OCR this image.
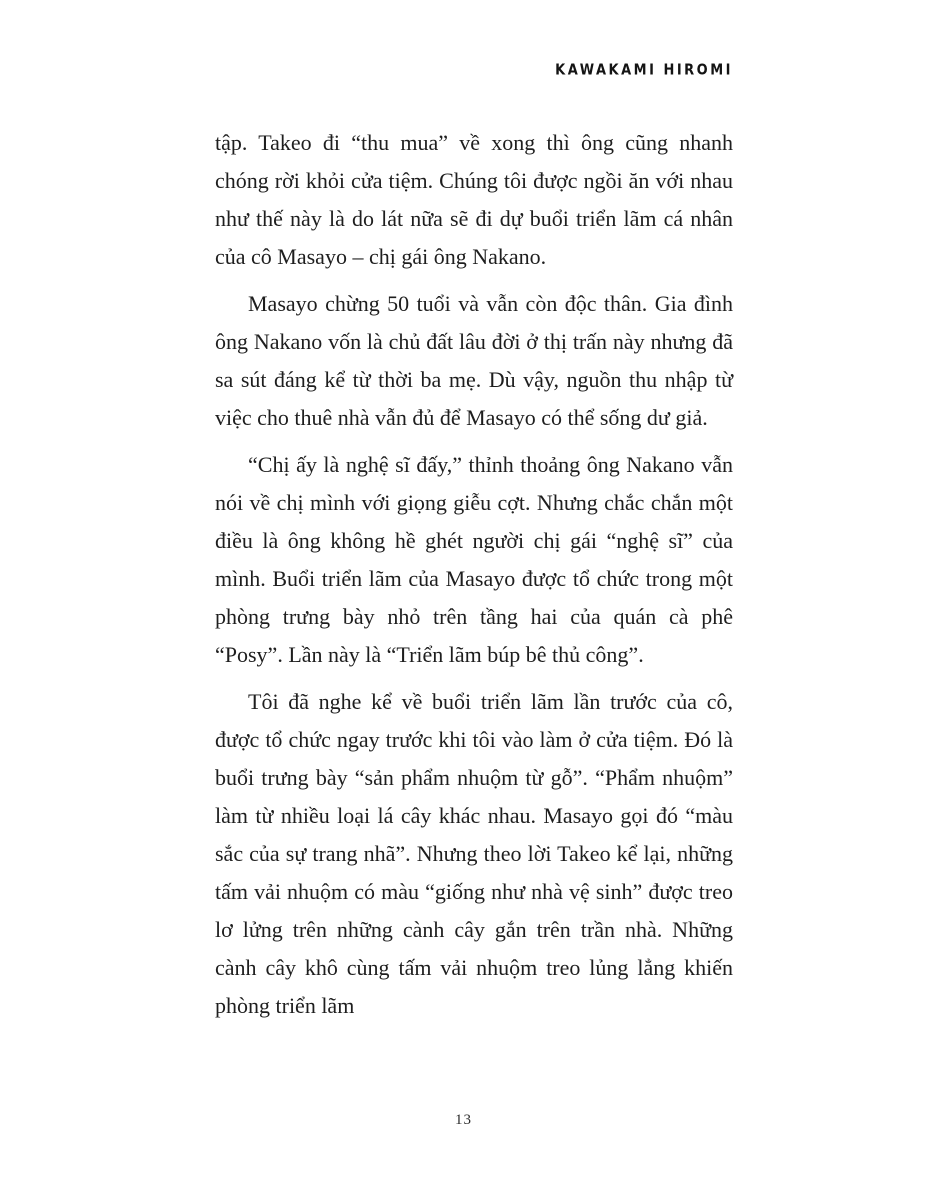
KAWAKAMI HIROMI

tập. Takeo đi “thu mua” về xong thì ông cũng nhanh chóng rời khỏi cửa tiệm. Chúng tôi được ngồi ăn với nhau như thế này là do lát nữa sẽ đi dự buổi triển lãm cá nhân của cô Masayo – chị gái ông Nakano.

Masayo chừng 50 tuổi và vẫn còn độc thân. Gia đình ông Nakano vốn là chủ đất lâu đời ở thị trấn này nhưng đã sa sút đáng kể từ thời ba mẹ. Dù vậy, nguồn thu nhập từ việc cho thuê nhà vẫn đủ để Masayo có thể sống dư giả.

“Chị ấy là nghệ sĩ đấy,” thỉnh thoảng ông Nakano vẫn nói về chị mình với giọng giễu cợt. Nhưng chắc chắn một điều là ông không hề ghét người chị gái “nghệ sĩ” của mình. Buổi triển lãm của Masayo được tổ chức trong một phòng trưng bày nhỏ trên tầng hai của quán cà phê “Posy”. Lần này là “Triển lãm búp bê thủ công”.

Tôi đã nghe kể về buổi triển lãm lần trước của cô, được tổ chức ngay trước khi tôi vào làm ở cửa tiệm. Đó là buổi trưng bày “sản phẩm nhuộm từ gỗ”. “Phẩm nhuộm” làm từ nhiều loại lá cây khác nhau. Masayo gọi đó “màu sắc của sự trang nhã”. Nhưng theo lời Takeo kể lại, những tấm vải nhuộm có màu “giống như nhà vệ sinh” được treo lơ lửng trên những cành cây gắn trên trần nhà. Những cành cây khô cùng tấm vải nhuộm treo lủng lẳng khiến phòng triển lãm

13
